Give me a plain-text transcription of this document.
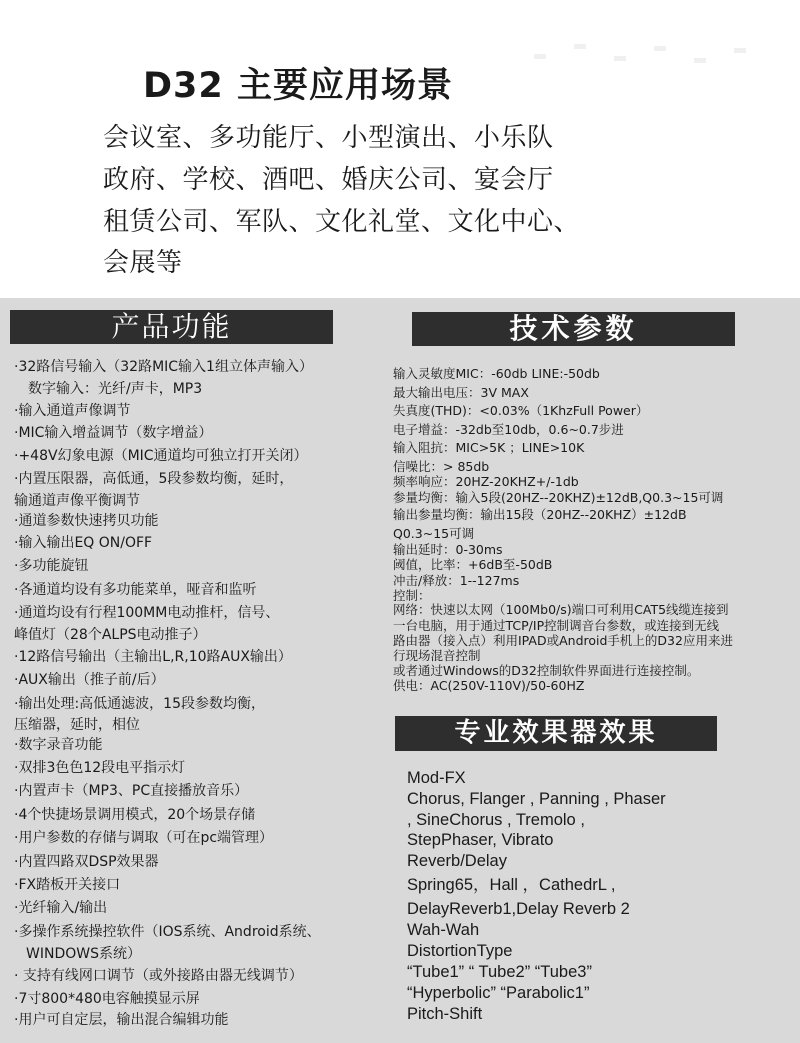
D32 主要应用场景
会议室、多功能厅、小型演出、小乐队
政府、学校、酒吧、婚庆公司、宴会厅
租赁公司、军队、文化礼堂、文化中心、
会展等
产品功能	技术参数
专业效果器效果
·32路信号输入（32路MIC输入1组立体声输入）
数字输入：光纤/声卡，MP3
·输入通道声像调节
·MIC输入增益调节（数字增益）
·+48V幻象电源（MIC通道均可独立打开关闭）
·内置压限器，高低通，5段参数均衡，延时，
输通道声像平衡调节
·通道参数快速拷贝功能
·输入输出EQ ON/OFF
·多功能旋钮
·各通道均设有多功能菜单，哑音和监听
·通道均设有行程100MM电动推杆，信号、
峰值灯（28个ALPS电动推子）
·12路信号输出（主输出L,R,10路AUX输出）
·AUX输出（推子前/后）
·输出处理:高低通滤波，15段参数均衡，
压缩器，延时，相位
·数字录音功能
·双排3色色12段电平指示灯
·内置声卡（MP3、PC直接播放音乐）
·4个快捷场景调用模式，20个场景存储
·用户参数的存储与调取（可在pc端管理）
·内置四路双DSP效果器
·FX踏板开关接口
·光纤输入/输出
·多操作系统操控软件（IOS系统、Android系统、
WINDOWS系统）
· 支持有线网口调节（或外接路由器无线调节）
·7寸800*480电容触摸显示屏
·用户可自定层，输出混合编辑功能
输入灵敏度MIC：-60db LINE:-50db
最大输出电压：3V MAX
失真度(THD)：<0.03%（1KhzFull Power）
电子增益：-32db至10db，0.6~0.7步进
输入阻抗：MIC>5K ；LINE>10K
信噪比：> 85db
频率响应：20HZ-20KHZ+/-1db
参量均衡：输入5段(20HZ--20KHZ)±12dB,Q0.3~15可调
输出参量均衡：输出15段（20HZ--20KHZ）±12dB
Q0.3~15可调
输出延时：0-30ms
阈值，比率：+6dB至-50dB
冲击/释放：1--127ms
控制：
网络：快速以太网（100Mb0/s)端口可利用CAT5线缆连接到
一台电脑，用于通过TCP/IP控制调音台参数，或连接到无线
路由器（接入点）利用IPAD或Android手机上的D32应用来进
行现场混音控制
或者通过Windows的D32控制软件界面进行连接控制。
供电：AC(250V-110V)/50-60HZ
Mod-FX
Chorus, Flanger , Panning , Phaser
, SineChorus , Tremolo ,
StepPhaser, Vibrato
Reverb/Delay
Spring65，Hall ，CathedrL ,
DelayReverb1,Delay Reverb 2
Wah-Wah
DistortionType
“Tube1” “ Tube2” “Tube3”
“Hyperbolic” “Parabolic1”
Pitch-Shift
